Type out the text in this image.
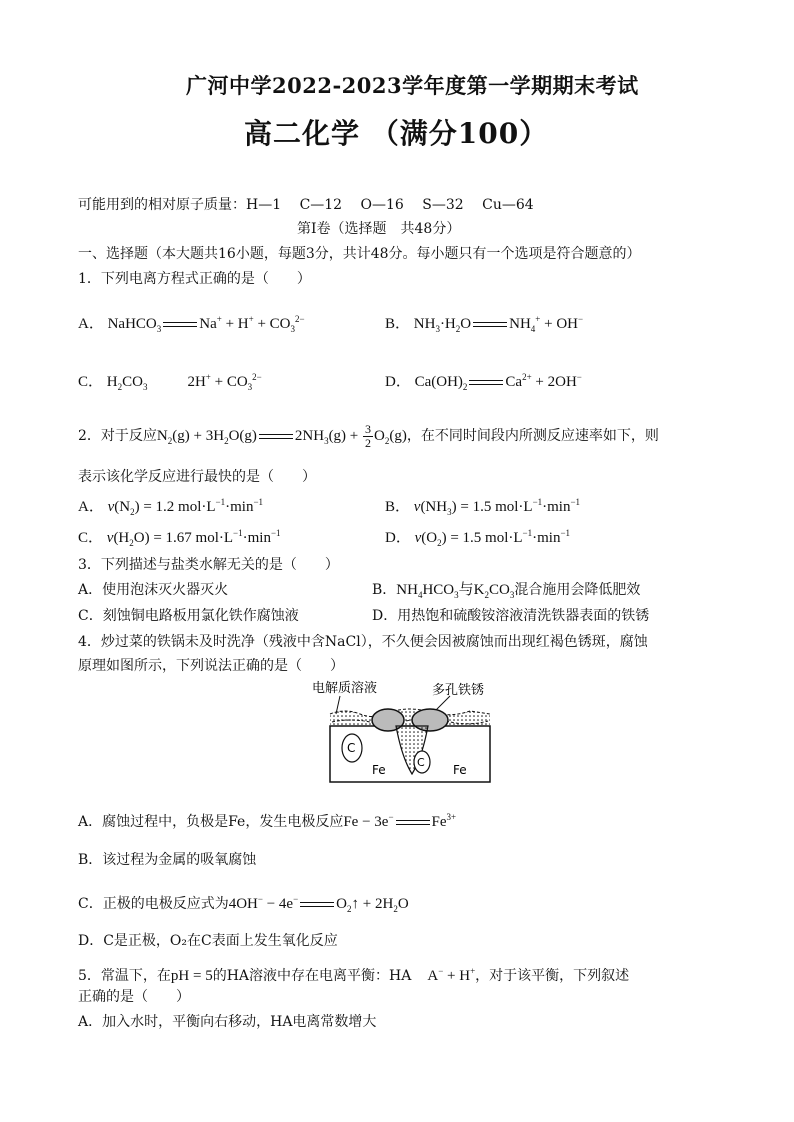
广河中学2022-2023学年度第一学期期末考试
高二化学 （满分100）
可能用到的相对原子质量：H—1　 C—12　 O—16　 S—32　 Cu—64
第Ⅰ卷（选择题　共48分）
一、选择题（本大题共16小题，每题3分，共计48分。每小题只有一个选项是符合题意的）
1．下列电离方程式正确的是（　　）
A． NaHCO$_3$	$Na^+ + H^+ + CO_3^{2-}$	B． $NH_3\cdot H_2O$	$NH_4^+ + OH^-$
C． $H_2CO_3$	$2H^+ + CO_3^{2-}$	D． $Ca(OH)_2$	$Ca^{2+} + 2OH^-$
2．对于反应$N_2(g) + 3H_2O(g)$	$2NH_3(g) + \frac{3}{2} O_2(g)$，在不同时间段内所测反应速率如下，则
表示该化学反应进行最快的是（　　）
A． $v(N_2) = 1.2$ $mol\cdot L^{-1}\cdot\min^{-1}$	B． $v(NH_3) = 1.5$ $mol\cdot L^{-1}\cdot\min^{-1}$
C． $v(H_2O) = 1.67$ $mol\cdot L^{-1}\cdot\min^{-1}$	D． $v(O_2) = 1.5$ $mol\cdot L^{-1}\cdot\min^{-1}$
3．下列描述与盐类水解无关的是（　　）
A．使用泡沫灭火器灭火	B．$NH_4HCO_3$与$K_2CO_3$混合施用会降低肥效
C．刻蚀铜电路板用氯化铁作腐蚀液	D．用热饱和硫酸铵溶液清洗铁器表面的铁锈
4．炒过菜的铁锅未及时洗净（残液中含NaCl），不久便会因被腐蚀而出现红褐色锈斑，腐蚀
原理如图所示，下列说法正确的是（　　）
电解质溶液	多孔铁锈
C
C
Fe	Fe
A．腐蚀过程中，负极是Fe，发生电极反应Fe − 3e−	$Fe^{3+}$
B．该过程为金属的吸氧腐蚀
C．正极的电极反应式为4OH− − 4e−	$O_2↑ + 2H_2O$
D．C是正极，O₂在C表面上发生氧化反应
5．常温下，在pH = 5的HA溶液中存在电离平衡：HA A− + H+，对于该平衡，下列叙述
正确的是（　　）
A．加入水时，平衡向右移动，HA电离常数增大
